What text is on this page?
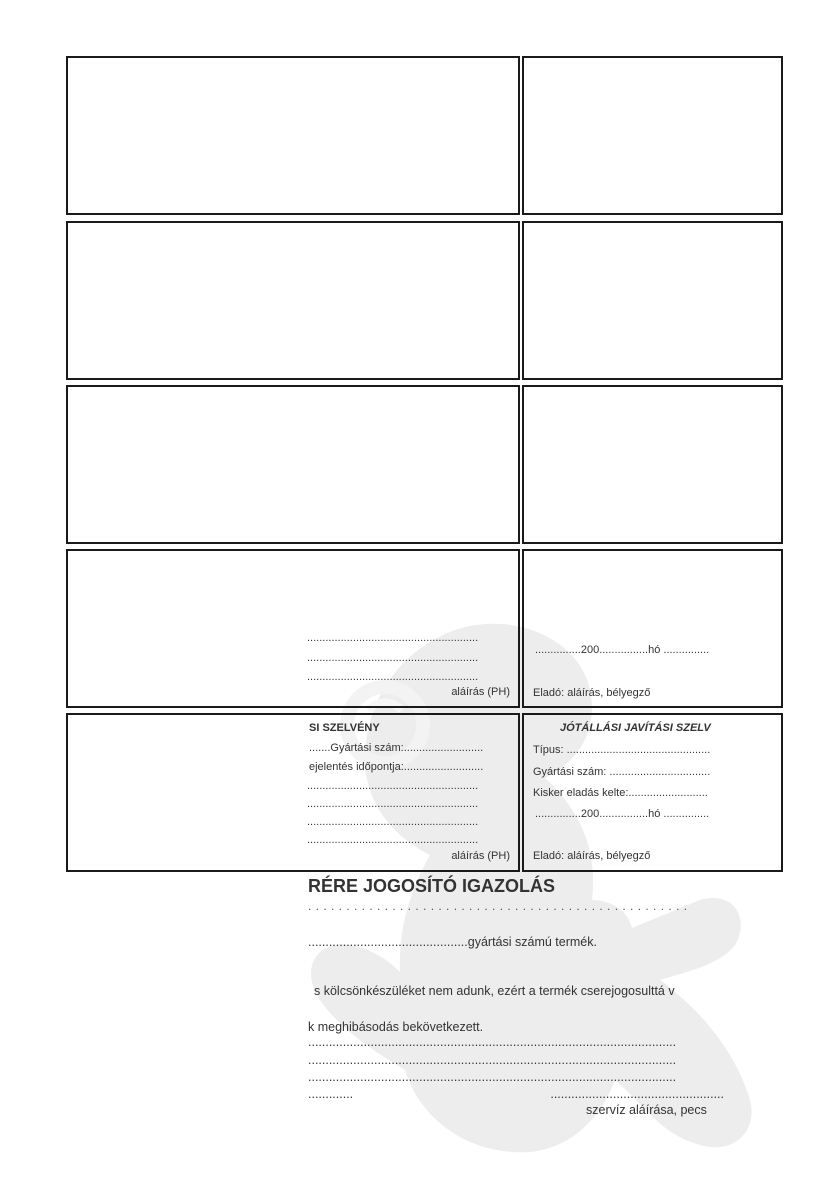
........................................................
........................................................
........................................................
aláírás (PH)
...............200................hó ...............
Eladó: aláírás, bélyegző
SI SZELVÉNY
.......Gyártási szám:..........................
ejelentés időpontja:..........................
........................................................
........................................................
........................................................
........................................................
aláírás (PH)
JÓTÁLLÁSI JAVÍTÁSI SZELV
Típus: ...............................................
Gyártási szám: .................................
Kisker eladás kelte:..........................
...............200................hó ...............
Eladó: aláírás, bélyegző
RÉRE JOGOSÍTÓ IGAZOLÁS
. . . . . . . . . . . . . . . . . . . . . . . . . . . . . . . . . . . . . . . . . . . . . . . . . .
..............................................gyártási számú termék.
s kölcsönkészüléket nem adunk, ezért a termék cserejogosulttá v
k meghibásodás bekövetkezett.
..........................................................................................................
..........................................................................................................
..........................................................................................................
.............	..................................................
szervíz aláírása, pecs
